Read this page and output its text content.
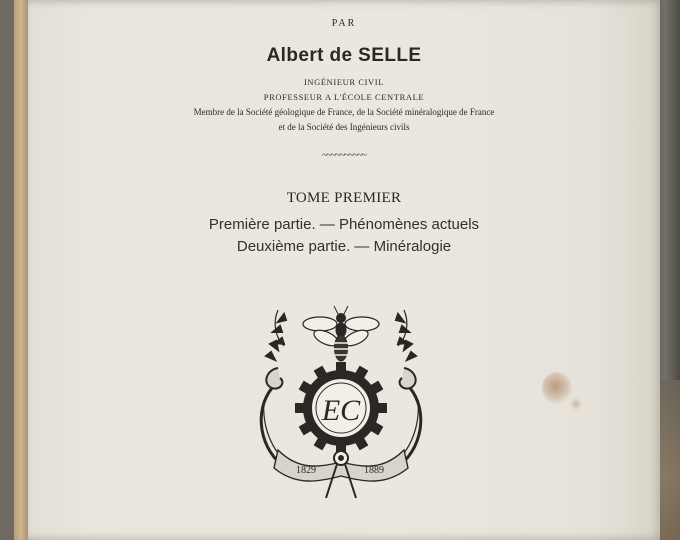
PAR
Albert de SELLE
INGÉNIEUR CIVIL
PROFESSEUR A L'ÉCOLE CENTRALE
Membre de la Société géologique de France, de la Société minéralogique de France
et de la Société des Ingénieurs civils
~~~~~~~~~~
TOME PREMIER
Première partie. — Phénomènes actuels
Deuxième partie. — Minéralogie
EC
1829	1889
